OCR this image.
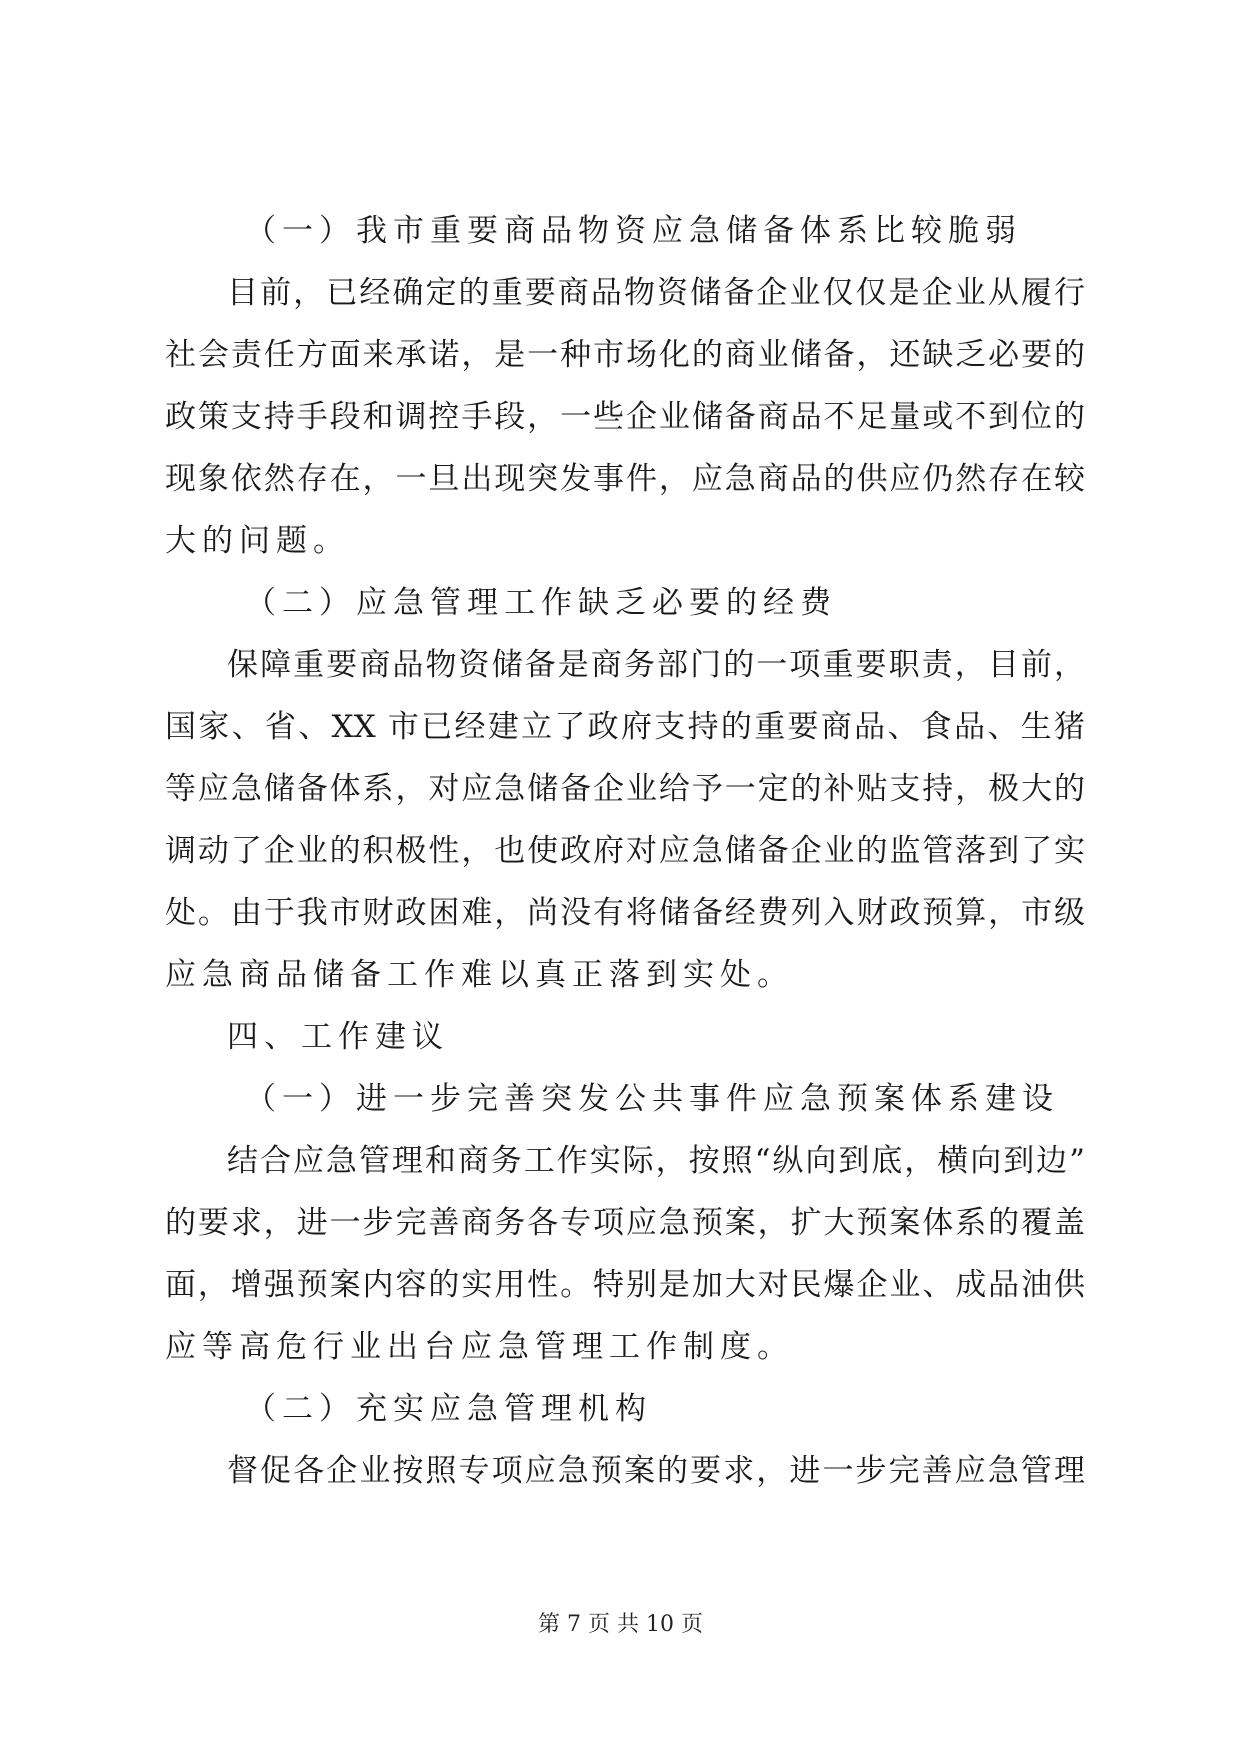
（一）我市重要商品物资应急储备体系比较脆弱
目前，已经确定的重要商品物资储备企业仅仅是企业从履行
社会责任方面来承诺，是一种市场化的商业储备，还缺乏必要的
政策支持手段和调控手段，一些企业储备商品不足量或不到位的
现象依然存在，一旦出现突发事件，应急商品的供应仍然存在较
大的问题。
（二）应急管理工作缺乏必要的经费
保障重要商品物资储备是商务部门的一项重要职责，目前，
国家、省、XX 市已经建立了政府支持的重要商品、食品、生猪
等应急储备体系，对应急储备企业给予一定的补贴支持，极大的
调动了企业的积极性，也使政府对应急储备企业的监管落到了实
处。由于我市财政困难，尚没有将储备经费列入财政预算，市级
应急商品储备工作难以真正落到实处。
四、工作建议
（一）进一步完善突发公共事件应急预案体系建设
结合应急管理和商务工作实际，按照“纵向到底，横向到边”
的要求，进一步完善商务各专项应急预案，扩大预案体系的覆盖
面，增强预案内容的实用性。特别是加大对民爆企业、成品油供
应等高危行业出台应急管理工作制度。
（二）充实应急管理机构
督促各企业按照专项应急预案的要求，进一步完善应急管理
第 7 页 共 10 页
